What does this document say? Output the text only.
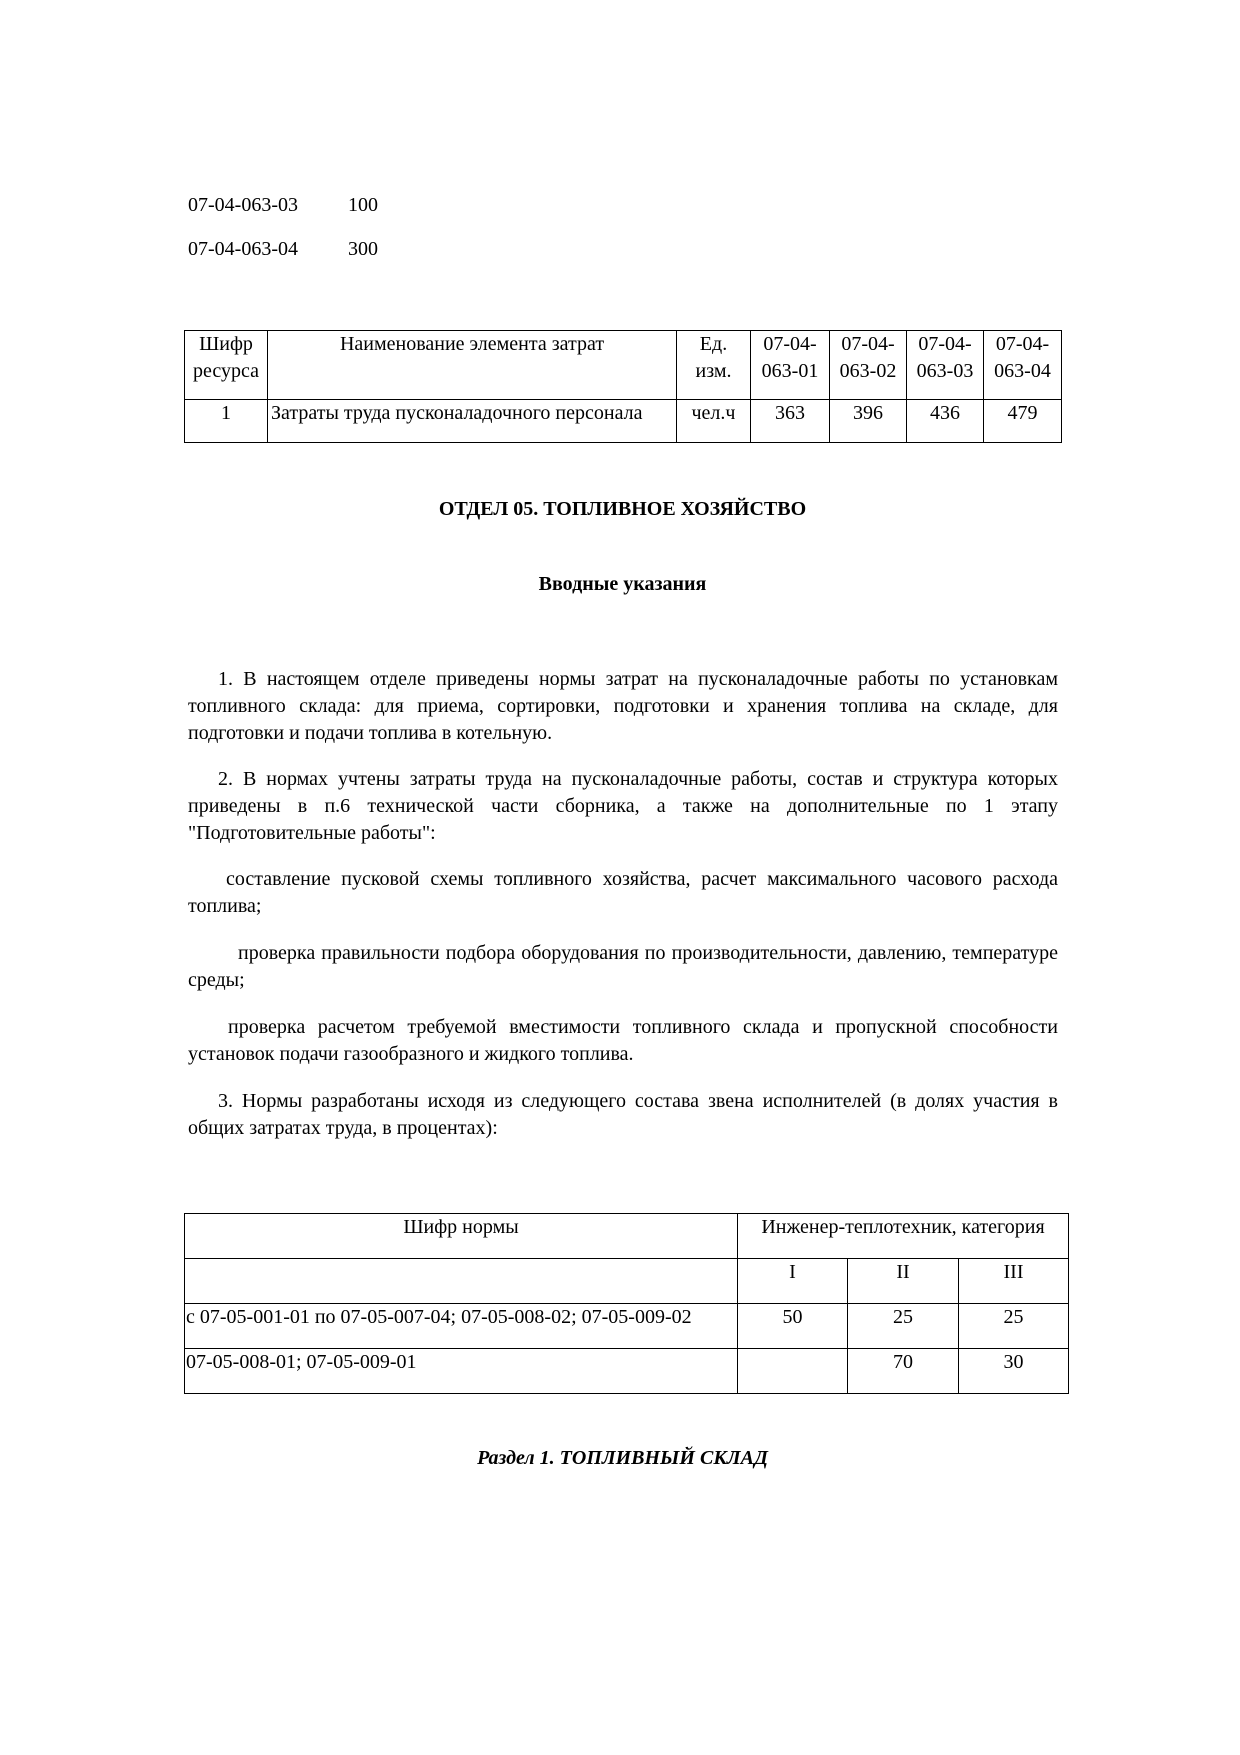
07-04-063-03	100
07-04-063-04	300
Шифр ресурса	Наименование элемента затрат	Ед. изм.	07-04-063-01	07-04-063-02	07-04-063-03	07-04-063-04
1	Затраты труда пусконаладочного персонала	чел.ч	363	396	436	479
ОТДЕЛ 05. ТОПЛИВНОЕ ХОЗЯЙСТВО
Вводные указания
1. В настоящем отделе приведены нормы затрат на пусконаладочные работы по установкам топливного склада: для приема, сортировки, подготовки и хранения топлива на складе, для подготовки и подачи топлива в котельную.
2. В нормах учтены затраты труда на пусконаладочные работы, состав и структура которых приведены в п.6 технической части сборника, а также на дополнительные по 1 этапу "Подготовительные работы":
составление пусковой схемы топливного хозяйства, расчет максимального часового расхода топлива;
проверка правильности подбора оборудования по производительности, давлению, температуре среды;
проверка расчетом требуемой вместимости топливного склада и пропускной способности установок подачи газообразного и жидкого топлива.
3. Нормы разработаны исходя из следующего состава звена исполнителей (в долях участия в общих затратах труда, в процентах):
Шифр нормы	Инженер-теплотехник, категория		
	I	II	III
с 07-05-001-01 по 07-05-007-04; 07-05-008-02; 07-05-009-02	50	25	25
07-05-008-01; 07-05-009-01		70	30
Раздел 1. ТОПЛИВНЫЙ СКЛАД
